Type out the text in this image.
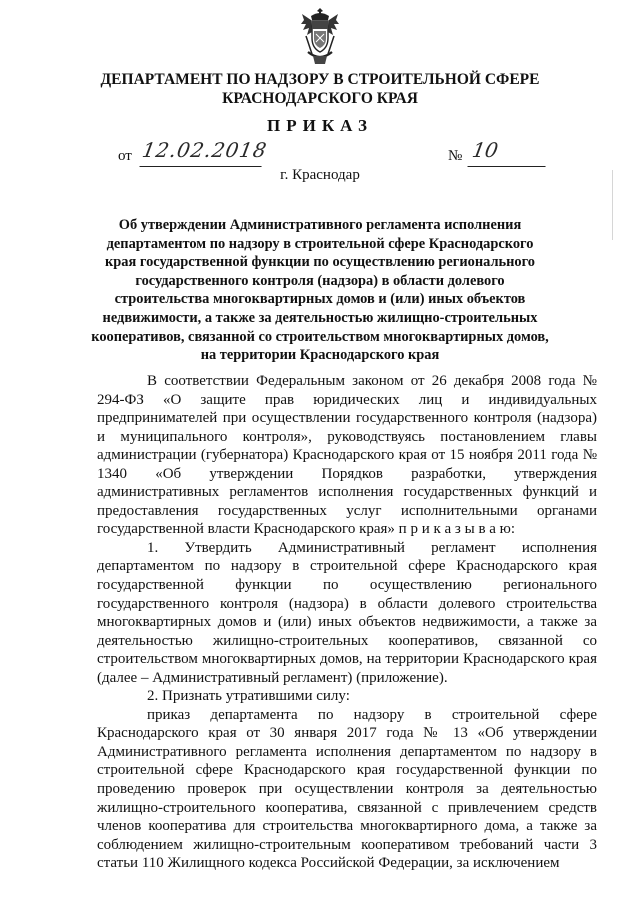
ДЕПАРТАМЕНТ ПО НАДЗОРУ В СТРОИТЕЛЬНОЙ СФЕРЕ
КРАСНОДАРСКОГО КРАЯ
ПРИКАЗ
от 12.02.2018	№ 10
г. Краснодар
Об утверждении Административного регламента исполнения департаментом по надзору в строительной сфере Краснодарского края государственной функции по осуществлению регионального государственного контроля (надзора) в области долевого строительства многоквартирных домов и (или) иных объектов недвижимости, а также за деятельностью жилищно-строительных кооперативов, связанной со строительством многоквартирных домов, на территории Краснодарского края

В соответствии Федеральным законом от 26 декабря 2008 года № 294-ФЗ «О защите прав юридических лиц и индивидуальных предпринимателей при осуществлении государственного контроля (надзора) и муниципального контроля», руководствуясь постановлением главы администрации (губернатора) Краснодарского края от 15 ноября 2011 года № 1340 «Об утверждении Порядков разработки, утверждения административных регламентов исполнения государственных функций и предоставления государственных услуг исполнительными органами государственной власти Краснодарского края» п р и к а з ы в а ю:

1. Утвердить Административный регламент исполнения департаментом по надзору в строительной сфере Краснодарского края государственной функции по осуществлению регионального государственного контроля (надзора) в области долевого строительства многоквартирных домов и (или) иных объектов недвижимости, а также за деятельностью жилищно-строительных кооперативов, связанной со строительством многоквартирных домов, на территории Краснодарского края (далее – Административный регламент) (приложение).

2. Признать утратившими силу:

приказ департамента по надзору в строительной сфере Краснодарского края от 30 января 2017 года № 13 «Об утверждении Административного регламента исполнения департаментом по надзору в строительной сфере Краснодарского края государственной функции по проведению проверок при осуществлении контроля за деятельностью жилищно-строительного кооператива, связанной с привлечением средств членов кооператива для строительства многоквартирного дома, а также за соблюдением жилищно-строительным кооперативом требований части 3 статьи 110 Жилищного кодекса Российской Федерации, за исключением
